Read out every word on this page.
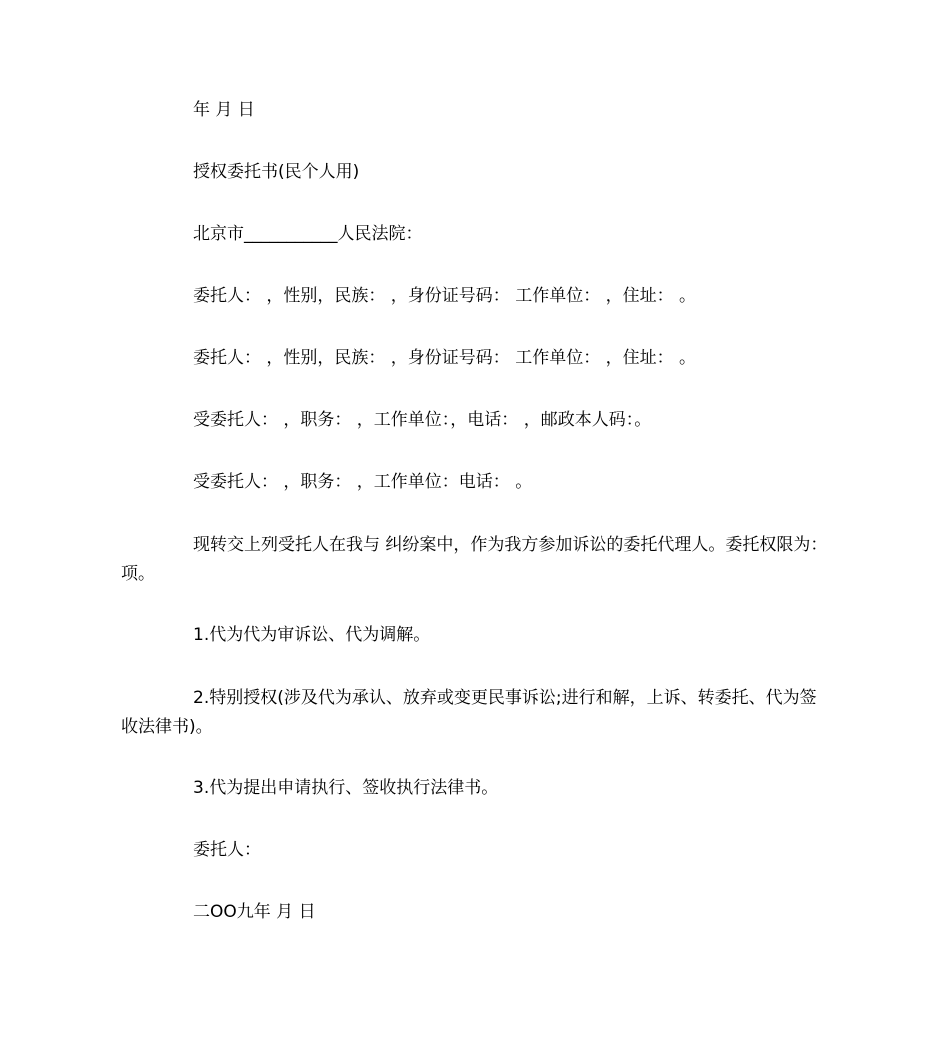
年 月 日
授权委托书(民个人用)
北京市___________人民法院：
委托人： ，性别，民族： ，身份证号码： 工作单位： ，住址： 。
委托人： ，性别，民族： ，身份证号码： 工作单位： ，住址： 。
受委托人： ，职务： ，工作单位：，电话： ，邮政本人码：。
受委托人： ，职务： ，工作单位：电话： 。
现转交上列受托人在我与 纠纷案中，作为我方参加诉讼的委托代理人。委托权限为： 项。
1.代为代为审诉讼、代为调解。
2.特别授权(涉及代为承认、放弃或变更民事诉讼;进行和解，上诉、转委托、代为签收法律书)。
3.代为提出申请执行、签收执行法律书。
委托人：
二OO九年 月 日
